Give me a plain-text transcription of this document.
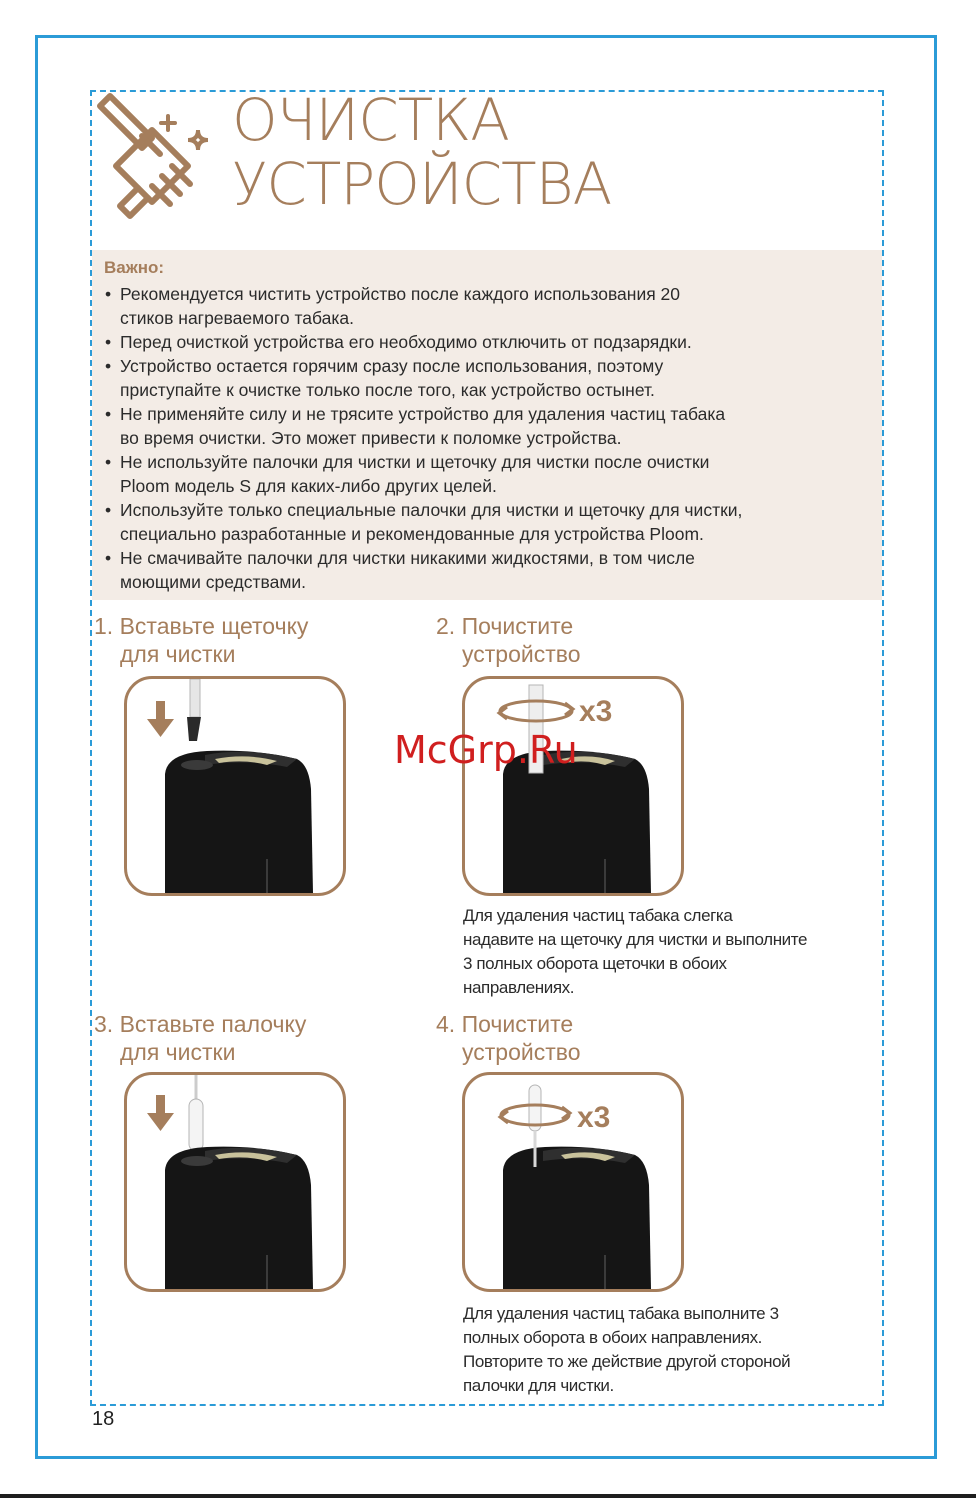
ОЧИСТКА
УСТРОЙСТВА
Важно:
• Рекомендуется чистить устройство после каждого использования 20
стиков нагреваемого табака.
• Перед очисткой устройства его необходимо отключить от подзарядки.
• Устройство остается горячим сразу после использования, поэтому
приступайте к очистке только после того, как устройство остынет.
• Не применяйте силу и не трясите устройство для удаления частиц табака
во время очистки. Это может привести к поломке устройства.
• Не используйте палочки для чистки и щеточку для чистки после очистки
Ploom модель S для каких-либо других целей.
• Используйте только специальные палочки для чистки и щеточку для чистки,
специально разработанные и рекомендованные для устройства Ploom.
• Не смачивайте палочки для чистки никакими жидкостями, в том числе
моющими средствами.
1. Вставьте щеточку
для чистки
2. Почистите
устройство
x3
Для удаления частиц табака слегка
надавите на щеточку для чистки и выполните
3 полных оборота щеточки в обоих
направлениях.
3. Вставьте палочку
для чистки
4. Почистите
устройство
x3
Для удаления частиц табака выполните 3
полных оборота в обоих направлениях.
Повторите то же действие другой стороной
палочки для чистки.
McGrp.Ru
18
